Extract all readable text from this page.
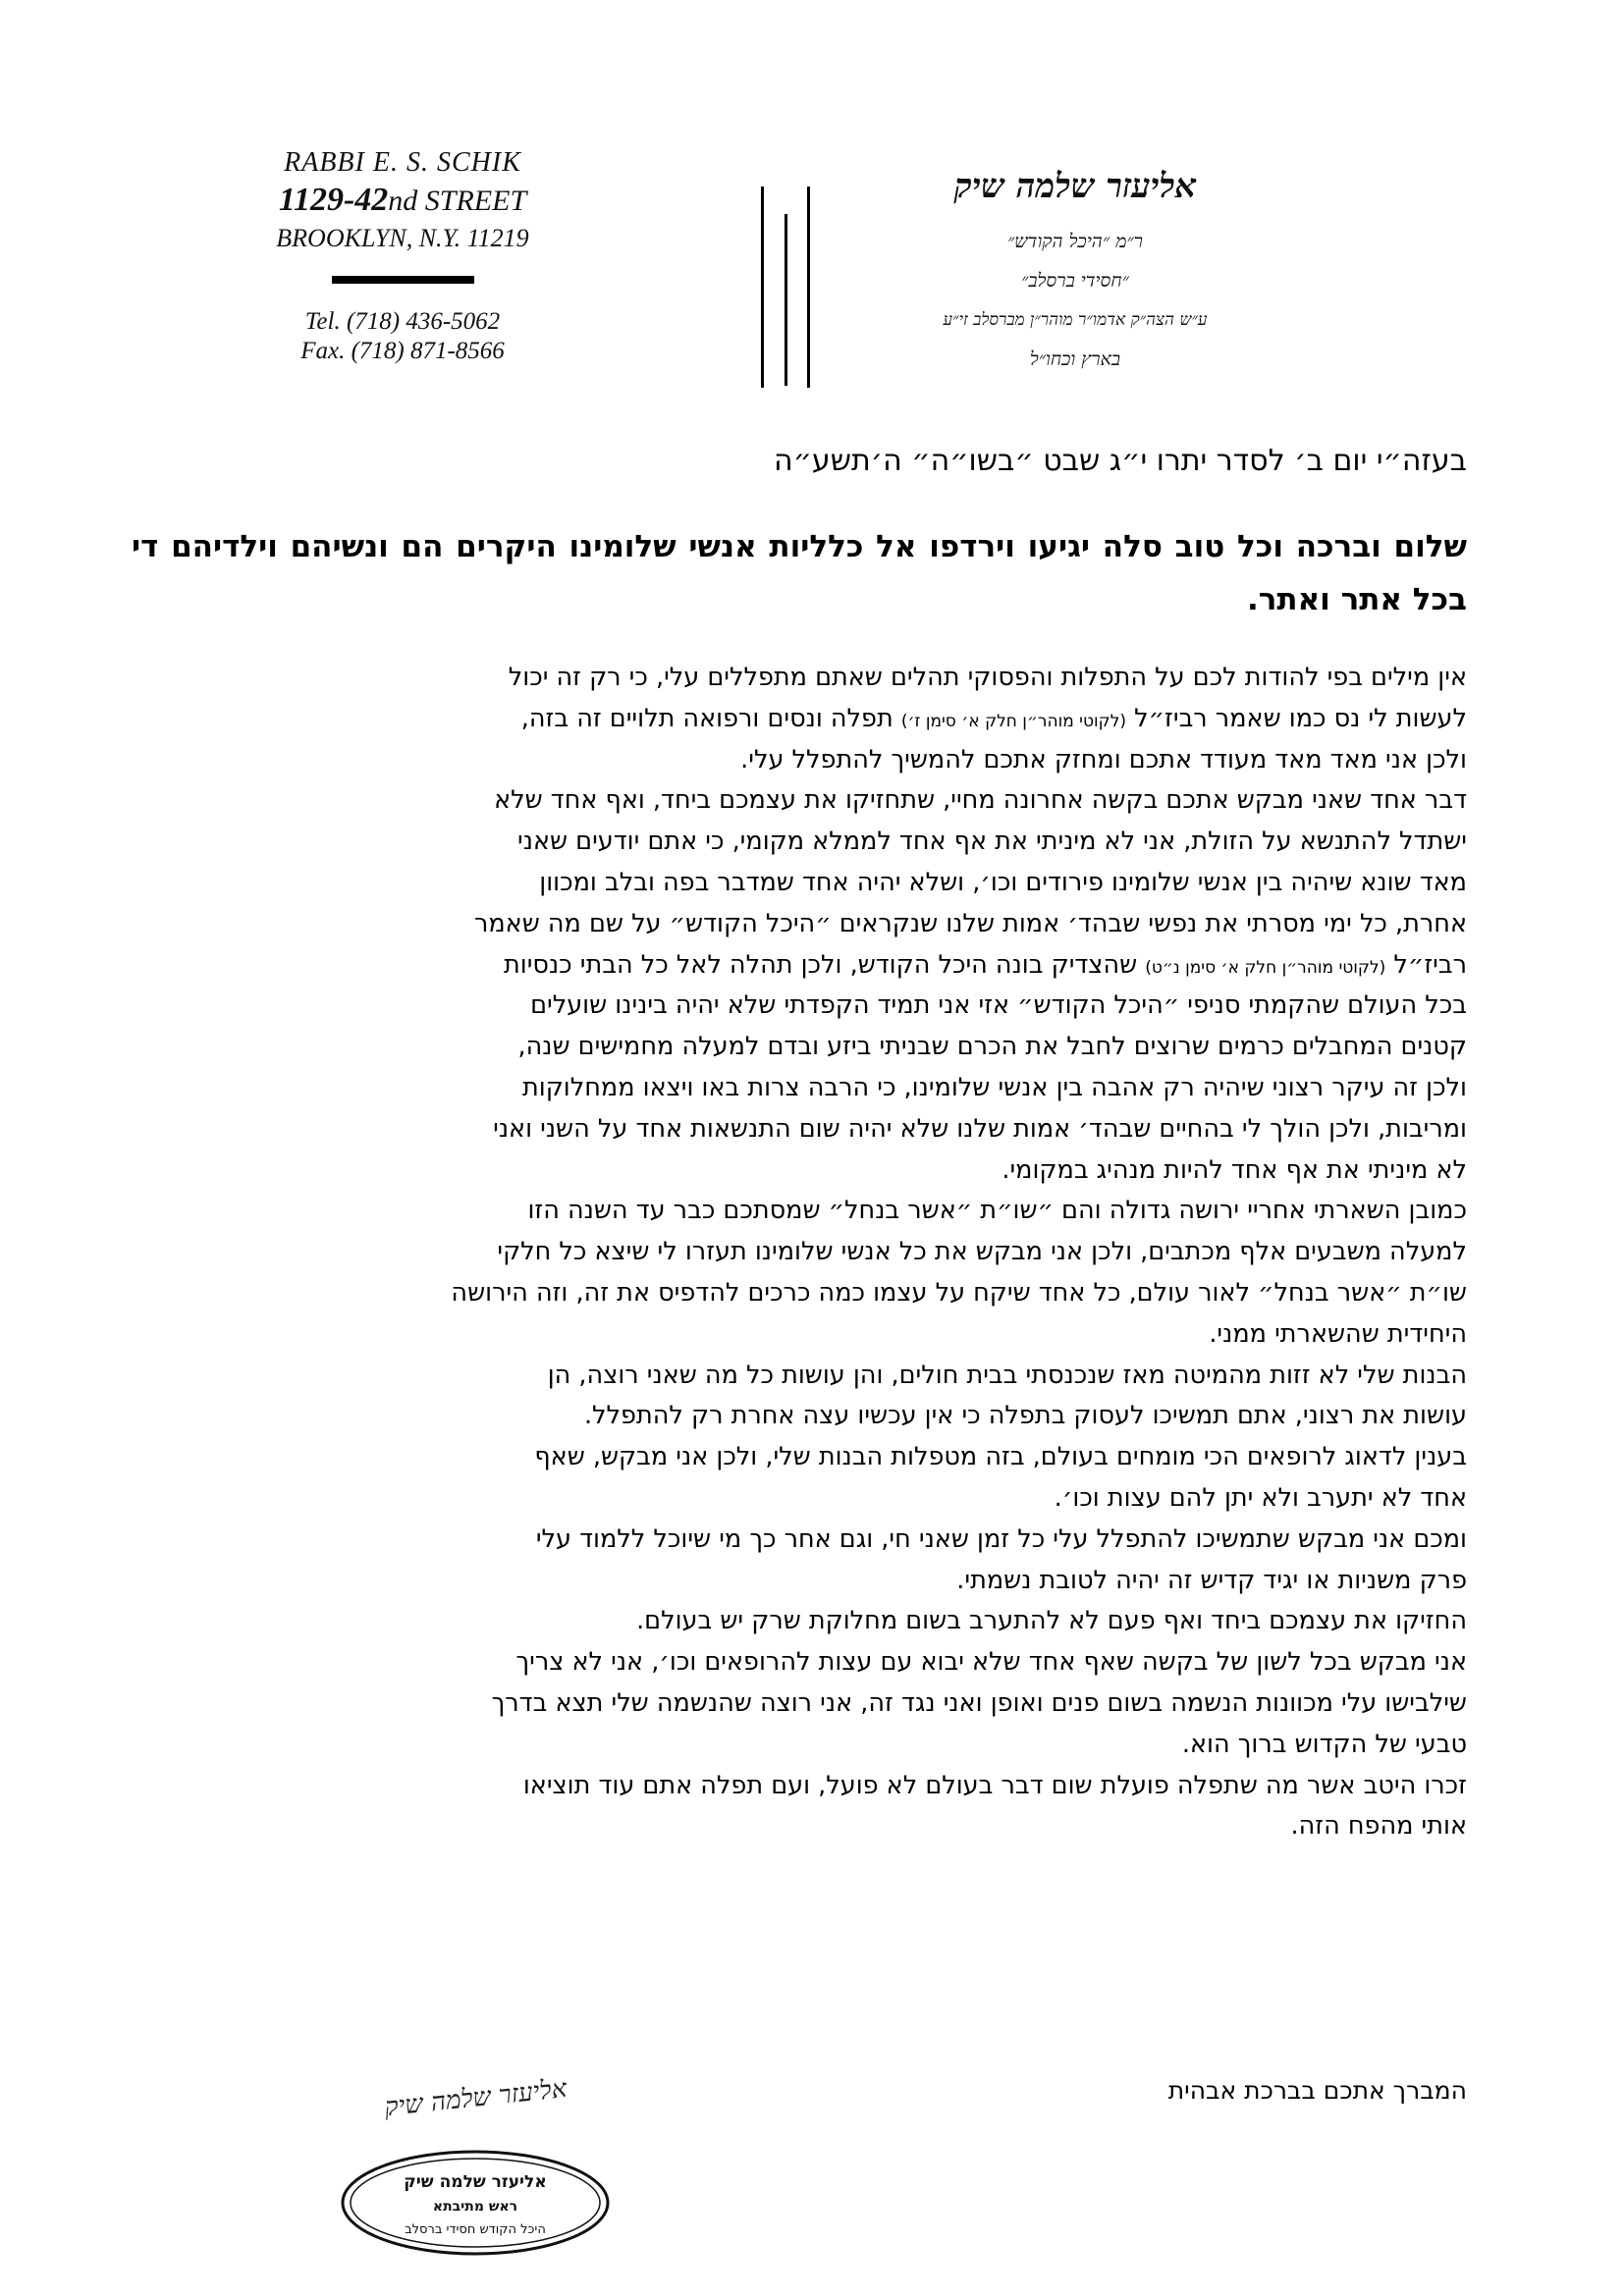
RABBI E. S. SCHIK
1129-42nd STREET
BROOKLYN, N.Y. 11219
Tel. (718) 436-5062
Fax. (718) 871-8566
אליעזר שלמה שיק
ר״מ ״היכל הקודש״
״חסידי ברסלב״
ע״ש הצה״ק אדמו״ר מוהר״ן מברסלב זי״ע
בארץ וכחו״ל
בעזה״י יום ב׳ לסדר יתרו י״ג שבט ״בשו״ה״ ה׳תשע״ה
שלום וברכה וכל טוב סלה יגיעו וירדפו אל כלליות אנשי שלומינו היקרים הם ונשיהם וילדיהם די בכל אתר ואתר.
אין מילים בפי להודות לכם על התפלות והפסוקי תהלים שאתם מתפללים עלי, כי רק זה יכול
לעשות לי נס כמו שאמר רביז״ל (לקוטי מוהר״ן חלק א׳ סימן ז׳) תפלה ונסים ורפואה תלויים זה בזה,
ולכן אני מאד מאד מעודד אתכם ומחזק אתכם להמשיך להתפלל עלי.
דבר אחד שאני מבקש אתכם בקשה אחרונה מחיי, שתחזיקו את עצמכם ביחד, ואף אחד שלא
ישתדל להתנשא על הזולת, אני לא מיניתי את אף אחד לממלא מקומי, כי אתם יודעים שאני
מאד שונא שיהיה בין אנשי שלומינו פירודים וכו׳, ושלא יהיה אחד שמדבר בפה ובלב ומכוון
אחרת, כל ימי מסרתי את נפשי שבהד׳ אמות שלנו שנקראים ״היכל הקודש״ על שם מה שאמר
רביז״ל (לקוטי מוהר״ן חלק א׳ סימן נ״ט) שהצדיק בונה היכל הקודש, ולכן תהלה לאל כל הבתי כנסיות
בכל העולם שהקמתי סניפי ״היכל הקודש״ אזי אני תמיד הקפדתי שלא יהיה בינינו שועלים
קטנים המחבלים כרמים שרוצים לחבל את הכרם שבניתי ביזע ובדם למעלה מחמישים שנה,
ולכן זה עיקר רצוני שיהיה רק אהבה בין אנשי שלומינו, כי הרבה צרות באו ויצאו ממחלוקות
ומריבות, ולכן הולך לי בהחיים שבהד׳ אמות שלנו שלא יהיה שום התנשאות אחד על השני ואני
לא מיניתי את אף אחד להיות מנהיג במקומי.
כמובן השארתי אחריי ירושה גדולה והם ״שו״ת ״אשר בנחל״ שמסתכם כבר עד השנה הזו
למעלה משבעים אלף מכתבים, ולכן אני מבקש את כל אנשי שלומינו תעזרו לי שיצא כל חלקי
שו״ת ״אשר בנחל״ לאור עולם, כל אחד שיקח על עצמו כמה כרכים להדפיס את זה, וזה הירושה
היחידית שהשארתי ממני.
הבנות שלי לא זזות מהמיטה מאז שנכנסתי בבית חולים, והן עושות כל מה שאני רוצה, הן
עושות את רצוני, אתם תמשיכו לעסוק בתפלה כי אין עכשיו עצה אחרת רק להתפלל.
בענין לדאוג לרופאים הכי מומחים בעולם, בזה מטפלות הבנות שלי, ולכן אני מבקש, שאף
אחד לא יתערב ולא יתן להם עצות וכו׳.
ומכם אני מבקש שתמשיכו להתפלל עלי כל זמן שאני חי, וגם אחר כך מי שיוכל ללמוד עלי
פרק משניות או יגיד קדיש זה יהיה לטובת נשמתי.
החזיקו את עצמכם ביחד ואף פעם לא להתערב בשום מחלוקת שרק יש בעולם.
אני מבקש בכל לשון של בקשה שאף אחד שלא יבוא עם עצות להרופאים וכו׳, אני לא צריך
שילבישו עלי מכוונות הנשמה בשום פנים ואופן ואני נגד זה, אני רוצה שהנשמה שלי תצא בדרך
טבעי של הקדוש ברוך הוא.
זכרו היטב אשר מה שתפלה פועלת שום דבר בעולם לא פועל, ועם תפלה אתם עוד תוציאו
אותי מהפח הזה.
המברך אתכם בברכת אבהית
אליעזר שלמה שיק
אליעזר שלמה שיק
ראש מתיבתא
היכל הקודש חסידי ברסלב
